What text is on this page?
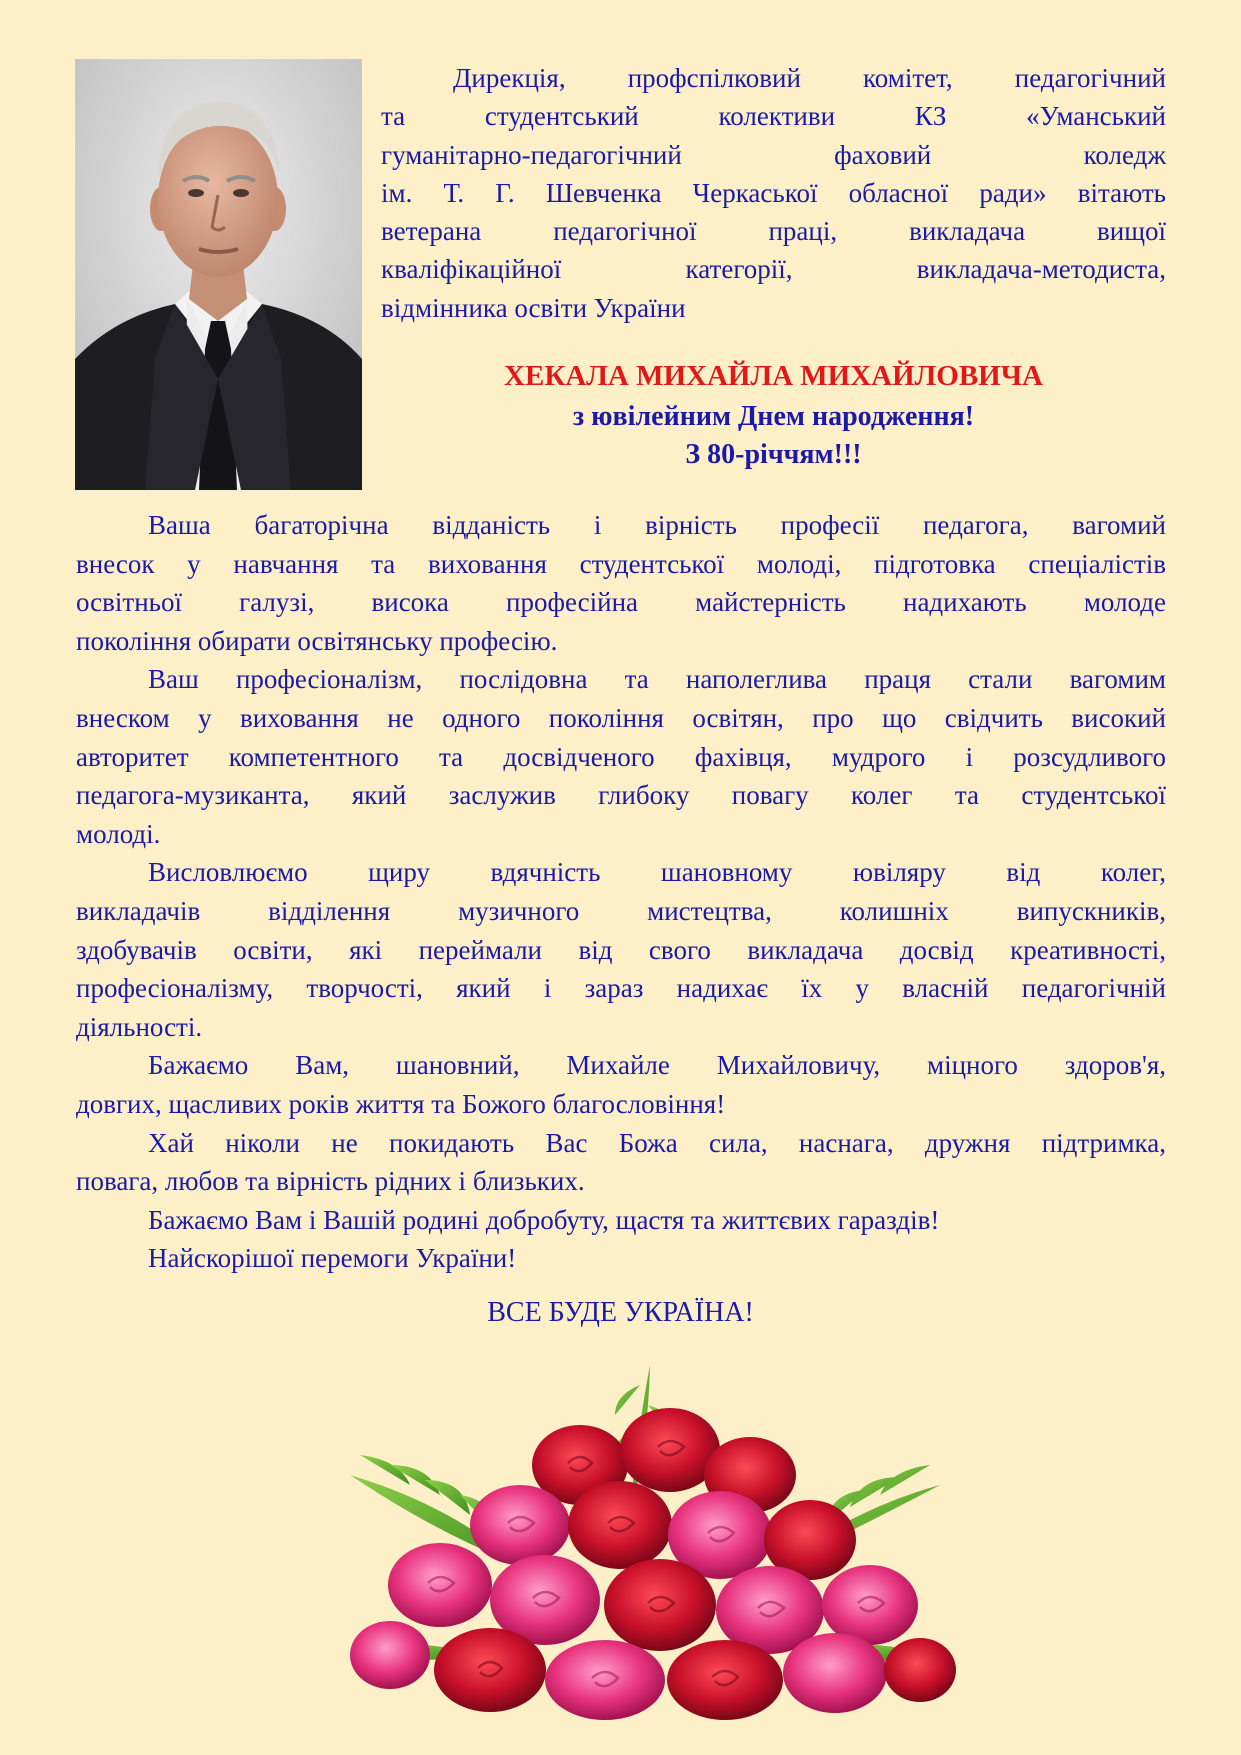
Дирекція, профспілковий комітет, педагогічний
та студентський колективи КЗ «Уманський
гуманітарно-педагогічний фаховий коледж
ім. Т. Г. Шевченка Черкаської обласної ради» вітають
ветерана педагогічної праці, викладача вищої
кваліфікаційної категорії, викладача-методиста,
відмінника освіти України
ХЕКАЛА МИХАЙЛА МИХАЙЛОВИЧА
з ювілейним Днем народження!
З 80-річчям!!!
Ваша багаторічна відданість і вірність професії педагога, вагомий
внесок у навчання та виховання студентської молоді, підготовка спеціалістів
освітньої галузі, висока професійна майстерність надихають молоде
покоління обирати освітянську професію.
Ваш професіоналізм, послідовна та наполеглива праця стали вагомим
внеском у виховання не одного покоління освітян, про що свідчить високий
авторитет компетентного та досвідченого фахівця, мудрого і розсудливого
педагога-музиканта, який заслужив глибоку повагу колег та студентської
молоді.
Висловлюємо щиру вдячність шановному ювіляру від колег,
викладачів відділення музичного мистецтва, колишніх випускників,
здобувачів освіти, які переймали від свого викладача досвід креативності,
професіоналізму, творчості, який і зараз надихає їх у власній педагогічній
діяльності.
Бажаємо Вам, шановний, Михайле Михайловичу, міцного здоров'я,
довгих, щасливих років життя та Божого благословіння!
Хай ніколи не покидають Вас Божа сила, наснага, дружня підтримка,
повага, любов та вірність рідних і близьких.
Бажаємо Вам і Вашій родині добробуту, щастя та життєвих гараздів!
Найскорішої перемоги України!
ВСЕ БУДЕ УКРАЇНА!
